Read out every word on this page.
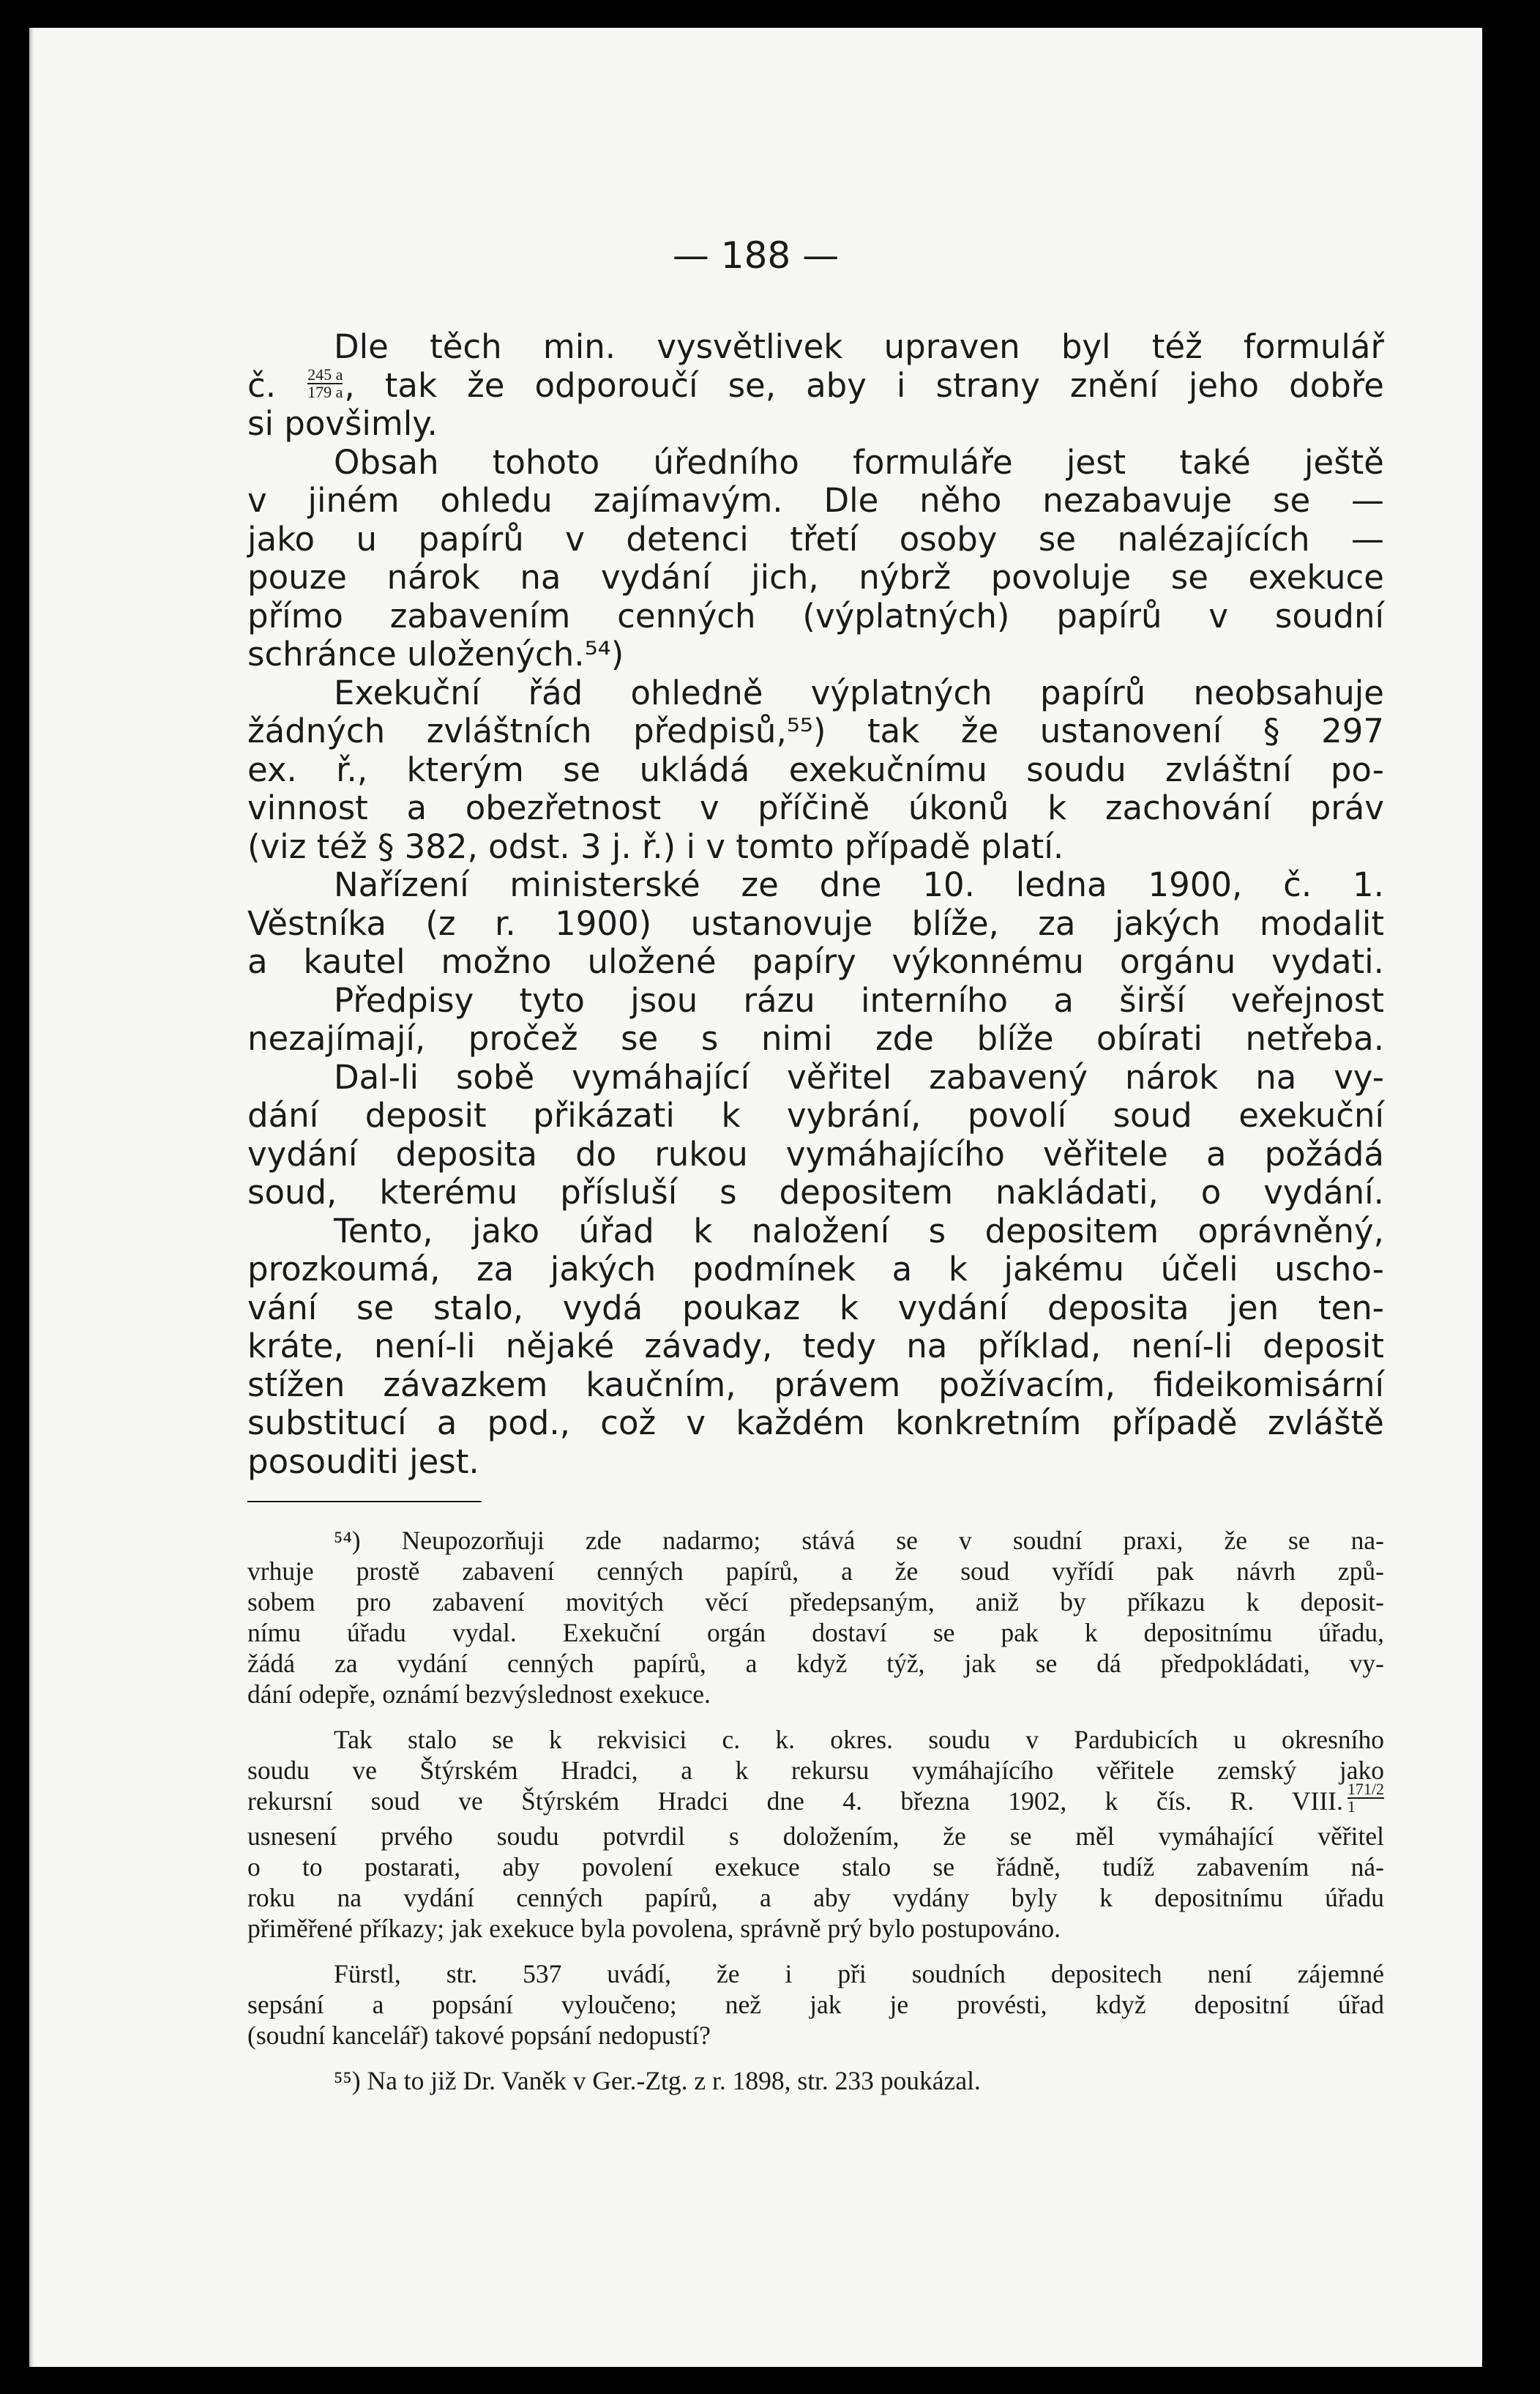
— 188 —
Dle těch min. vysvětlivek upraven byl též formulář
č. $\frac{245 a}{179 a}$ , tak že odporoučí se, aby i strany znění jeho dobře
si povšimly.
Obsah tohoto úředního formuláře jest také ještě
v jiném ohledu zajímavým. Dle něho nezabavuje se —
jako u papírů v detenci třetí osoby se nalézajících —
pouze nárok na vydání jich, nýbrž povoluje se exekuce
přímo zabavením cenných (výplatných) papírů v soudní
schránce uložených.⁵⁴)
Exekuční řád ohledně výplatných papírů neobsahuje
žádných zvláštních předpisů,⁵⁵) tak že ustanovení § 297
ex. ř., kterým se ukládá exekučnímu soudu zvláštní po-
vinnost a obezřetnost v příčině úkonů k zachování práv
(viz též § 382, odst. 3 j. ř.) i v tomto případě platí.
Nařízení ministerské ze dne 10. ledna 1900, č. 1.
Věstníka (z r. 1900) ustanovuje blíže, za jakých modalit
a kautel možno uložené papíry výkonnému orgánu vydati.
Předpisy tyto jsou rázu interního a širší veřejnost
nezajímají, pročež se s nimi zde blíže obírati netřeba.
Dal-li sobě vymáhající věřitel zabavený nárok na vy-
dání deposit přikázati k vybrání, povolí soud exekuční
vydání deposita do rukou vymáhajícího věřitele a požádá
soud, kterému přísluší s depositem nakládati, o vydání.
Tento, jako úřad k naložení s depositem oprávněný,
prozkoumá, za jakých podmínek a k jakému účeli uscho-
vání se stalo, vydá poukaz k vydání deposita jen ten-
kráte, není-li nějaké závady, tedy na příklad, není-li deposit
stížen závazkem kaučním, právem požívacím, fideikomisární
substitucí a pod., což v každém konkretním případě zvláště
posouditi jest.
⁵⁴) Neupozorňuji zde nadarmo; stává se v soudní praxi, že se na-
vrhuje prostě zabavení cenných papírů, a že soud vyřídí pak návrh způ-
sobem pro zabavení movitých věcí předepsaným, aniž by příkazu k deposit-
nímu úřadu vydal. Exekuční orgán dostaví se pak k depositnímu úřadu,
žádá za vydání cenných papírů, a když týž, jak se dá předpokládati, vy-
dání odepře, oznámí bezvýslednost exekuce.
Tak stalo se k rekvisici c. k. okres. soudu v Pardubicích u okresního
soudu ve Štýrském Hradci, a k rekursu vymáhajícího věřitele zemský jako
rekursní soud ve Štýrském Hradci dne 4. března 1902, k čís. R. VIII. $\frac{171/2}{1}$
usnesení prvého soudu potvrdil s doložením, že se měl vymáhající věřitel
o to postarati, aby povolení exekuce stalo se řádně, tudíž zabavením ná-
roku na vydání cenných papírů, a aby vydány byly k depositnímu úřadu
přiměřené příkazy; jak exekuce byla povolena, správně prý bylo postupováno.
Fürstl, str. 537 uvádí, že i při soudních depositech není zájemné
sepsání a popsání vyloučeno; než jak je provésti, když depositní úřad
(soudní kancelář) takové popsání nedopustí?
⁵⁵) Na to již Dr. Vaněk v Ger.-Ztg. z r. 1898, str. 233 poukázal.
